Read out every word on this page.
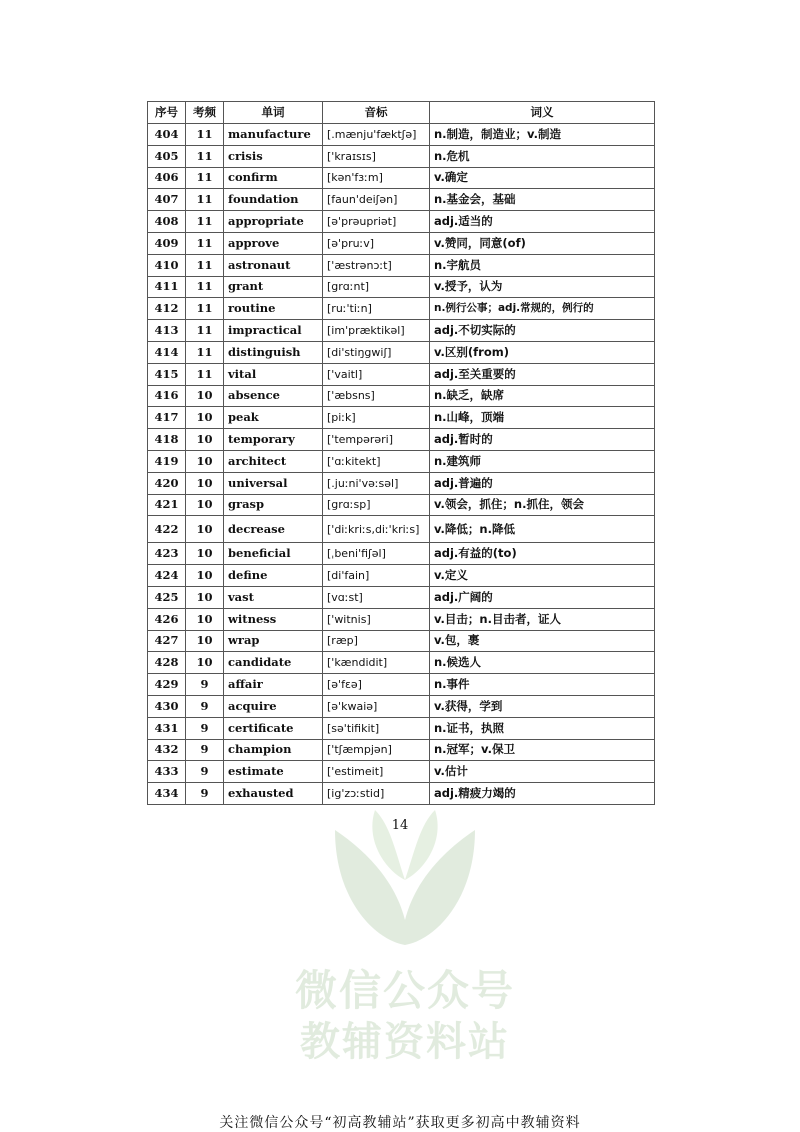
微信公众号
教辅资料站
序号	考频	单词	音标	词义
404	11	manufacture	[.mænju'fæktʃə]	n.制造，制造业；v.制造
405	11	crisis	['kraɪsɪs]	n.危机
406	11	confirm	[kən'fɜːm]	v.确定
407	11	foundation	[faun'deiʃən]	n.基金会，基础
408	11	appropriate	[ə'prəupriət]	adj.适当的
409	11	approve	[ə'pruːv]	v.赞同，同意(of)
410	11	astronaut	['æstrənɔːt]	n.宇航员
411	11	grant	[grɑːnt]	v.授予，认为
412	11	routine	[ruː'tiːn]	n.例行公事；adj.常规的，例行的
413	11	impractical	[im'præktikəl]	adj.不切实际的
414	11	distinguish	[di'stiŋgwiʃ]	v.区别(from)
415	11	vital	['vaitl]	adj.至关重要的
416	10	absence	['æbsns]	n.缺乏，缺席
417	10	peak	[piːk]	n.山峰，顶端
418	10	temporary	['tempərəri]	adj.暂时的
419	10	architect	['ɑːkitekt]	n.建筑师
420	10	universal	[.juːni'vəːsəl]	adj.普遍的
421	10	grasp	[grɑːsp]	v.领会，抓住；n.抓住，领会
422	10	decrease	['diːkriːs,diː'kriːs]	v.降低；n.降低
423	10	beneficial	[ˌbeni'fiʃəl]	adj.有益的(to)
424	10	define	[di'fain]	v.定义
425	10	vast	[vɑːst]	adj.广阔的
426	10	witness	['witnis]	v.目击；n.目击者，证人
427	10	wrap	[ræp]	v.包，裹
428	10	candidate	['kændidit]	n.候选人
429	9	affair	[ə'fɛə]	n.事件
430	9	acquire	[ə'kwaiə]	v.获得，学到
431	9	certificate	[sə'tifikit]	n.证书，执照
432	9	champion	['tʃæmpjən]	n.冠军；v.保卫
433	9	estimate	['estimeit]	v.估计
434	9	exhausted	[ig'zɔːstid]	adj.精疲力竭的
14
关注微信公众号“初高教辅站”获取更多初高中教辅资料
